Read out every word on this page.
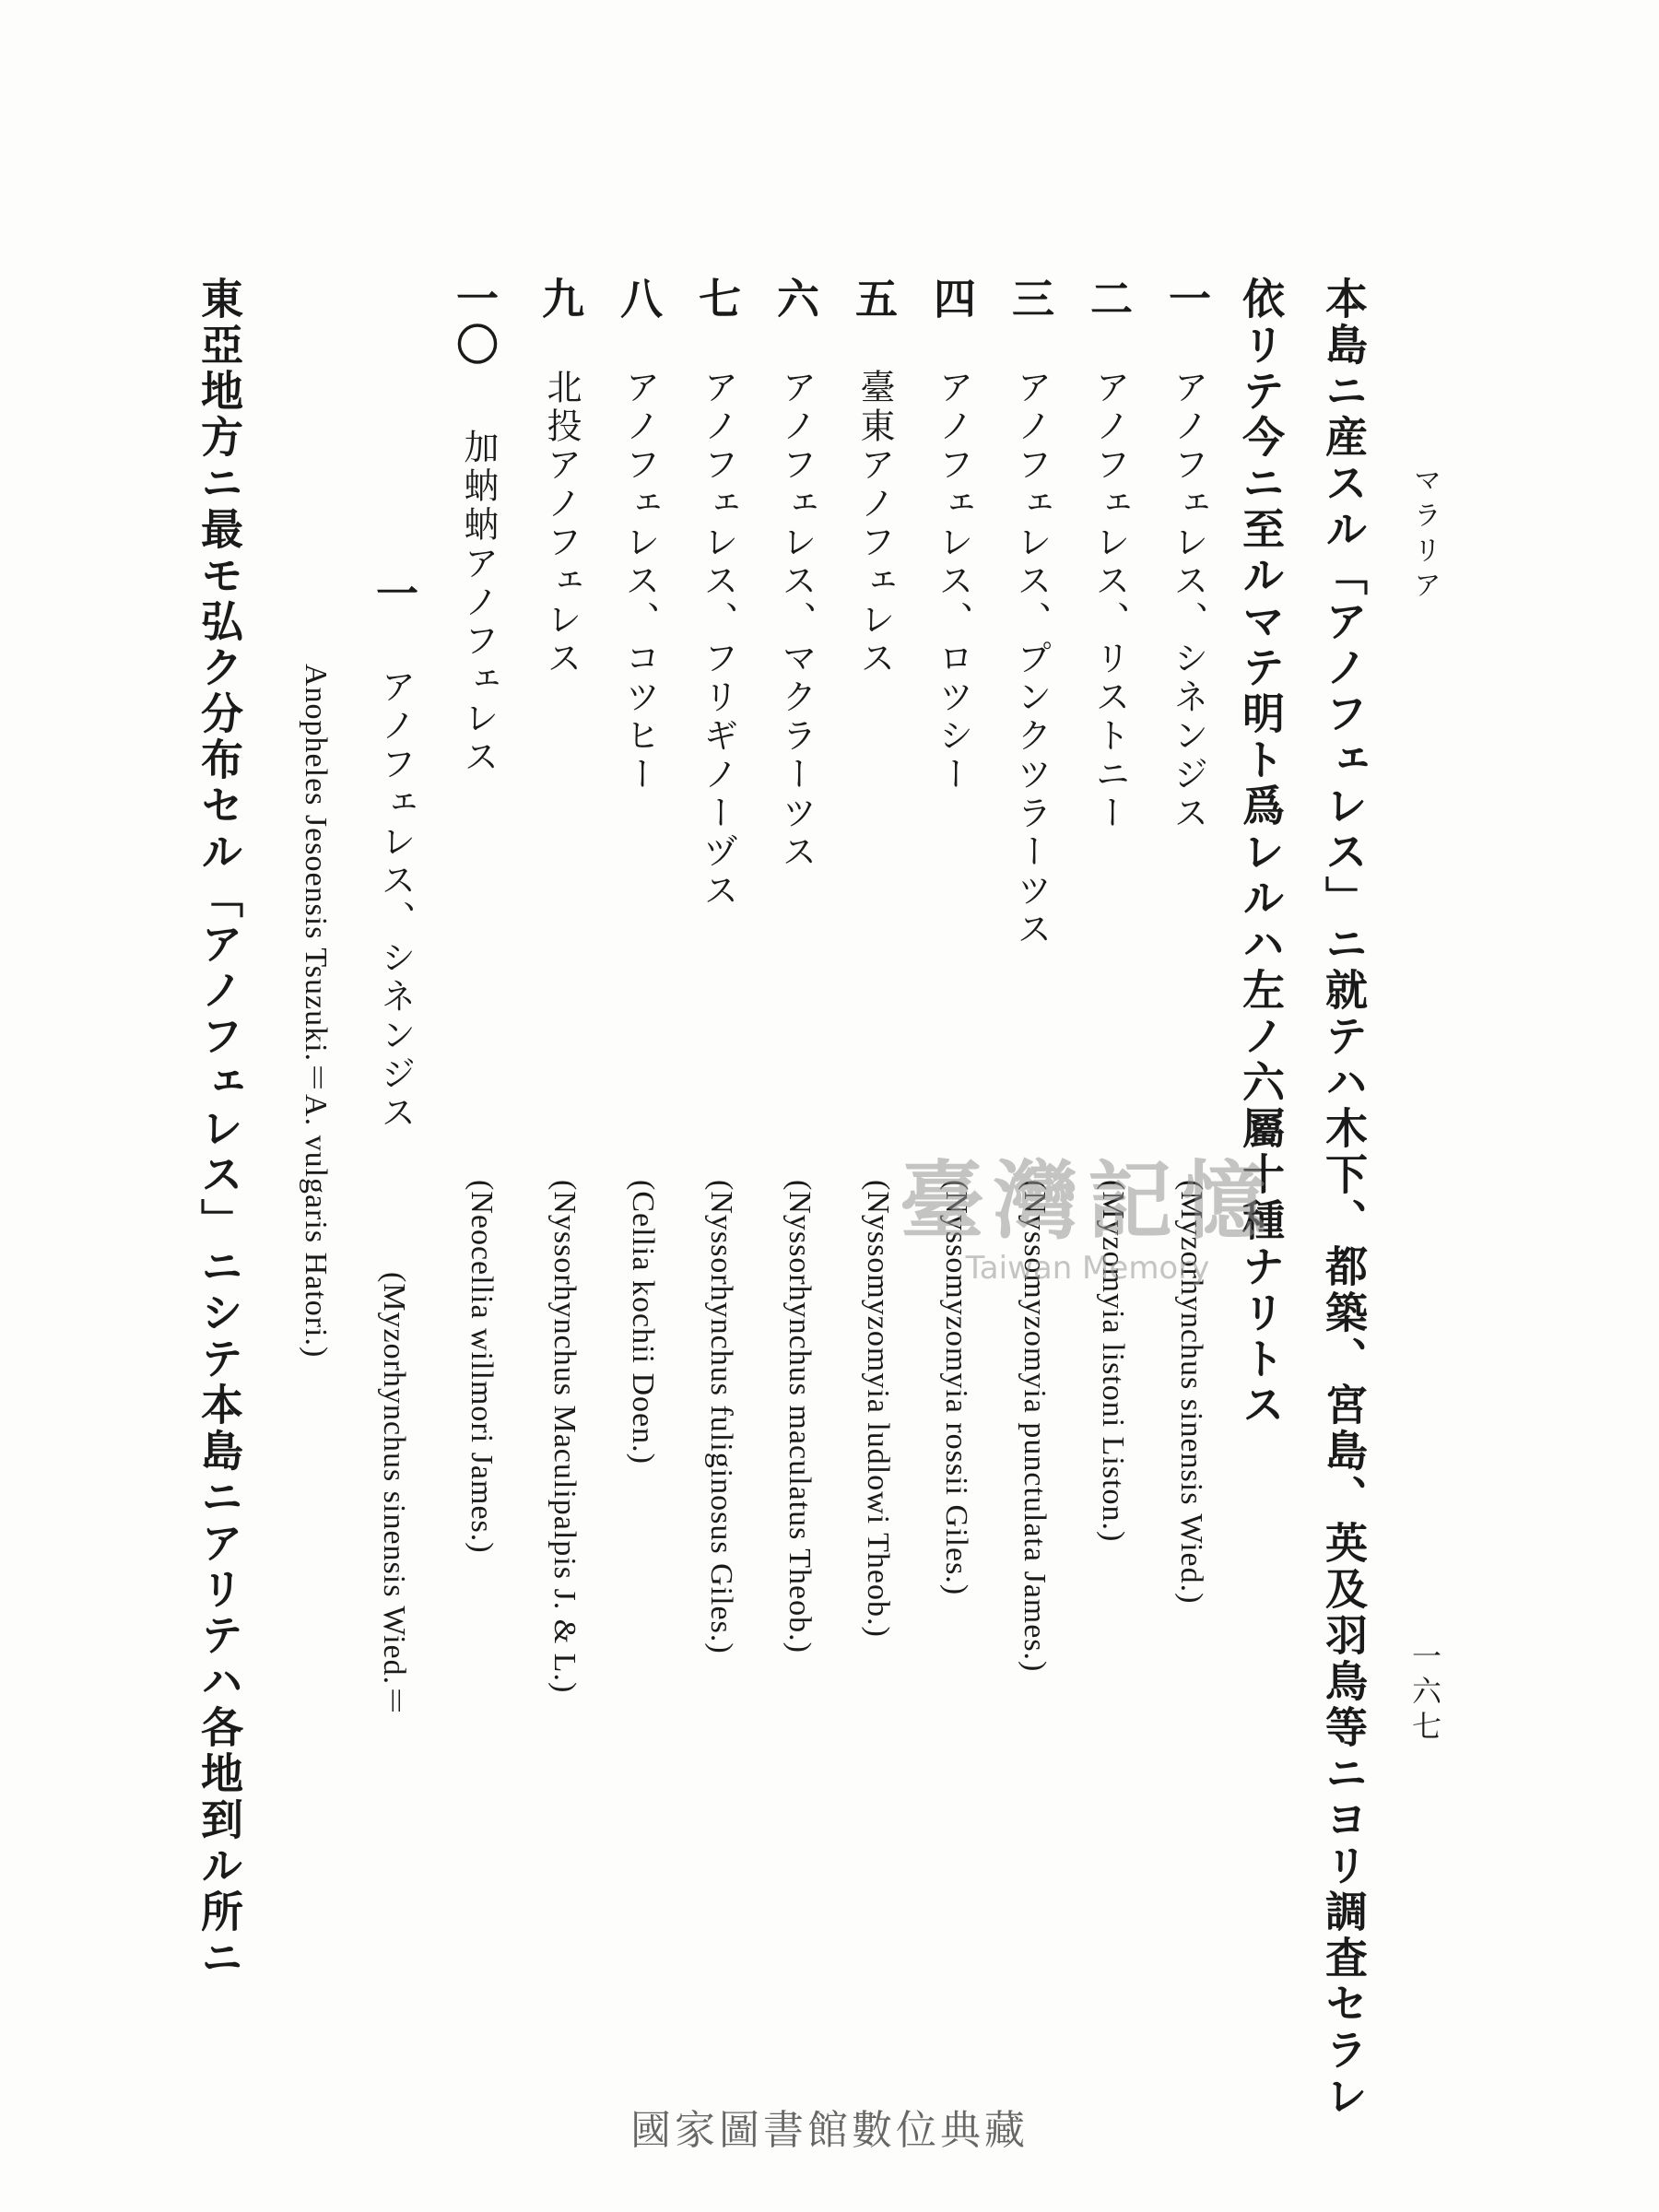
マラリア
一六七
本島ニ産スル「アノフェレス」ニ就テハ木下、都築、宮島、英及羽鳥等ニヨリ調査セラレ
依リテ今ニ至ルマテ明ト爲レルハ左ノ六屬十種ナリトス
一
アノフェレス、シネンジス
(Myzorhynchus sinensis Wied.)
二
アノフェレス、リストニー
(Myzomyia listoni Liston.)
三
アノフェレス、プンクツラーツス
(Nyssomyzomyia punctulata James.)
四
アノフェレス、ロツシー
(Nyssomyzomyia rossii Giles.)
五
臺東アノフェレス
(Nyssomyzomyia ludlowi Theob.)
六
アノフェレス、マクラーツス
(Nyssorhynchus maculatus Theob.)
七
アノフェレス、フリギノーヅス
(Nyssorhynchus fuliginosus Giles.)
八
アノフェレス、コツヒー
(Cellia kochii Doen.)
九
北投アノフェレス
(Nyssorhynchus Maculipalpis J. & L.)
一〇
加蚋蚋アノフェレス
(Neocellia willmori James.)
一
アノフェレス、シネンジス
(Myzorhynchus sinensis Wied.＝
Anopheles Jesoensis Tsuzuki.＝A. vulgaris Hatori.)
東亞地方ニ最モ弘ク分布セル「アノフェレス」ニシテ本島ニアリテハ各地到ル所ニ	臺灣記憶
Taiwan Memory
國家圖書館數位典藏
